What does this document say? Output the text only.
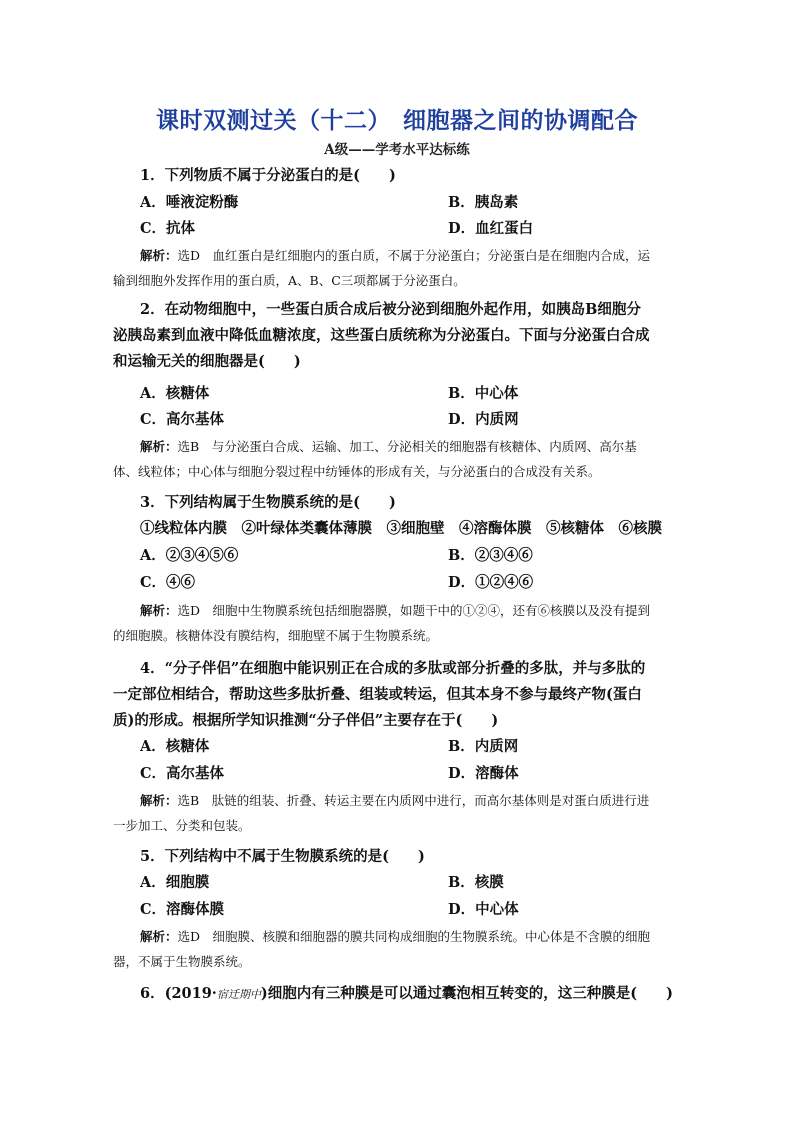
课时双测过关（十二）　细胞器之间的协调配合
A级——学考水平达标练
1．下列物质不属于分泌蛋白的是(　　)
A．唾液淀粉酶	B．胰岛素
C．抗体	D．血红蛋白
解析：选D　血红蛋白是红细胞内的蛋白质，不属于分泌蛋白；分泌蛋白是在细胞内合成，运输到细胞外发挥作用的蛋白质，A、B、C三项都属于分泌蛋白。
2．在动物细胞中，一些蛋白质合成后被分泌到细胞外起作用，如胰岛B细胞分泌胰岛素到血液中降低血糖浓度，这些蛋白质统称为分泌蛋白。下面与分泌蛋白合成和运输无关的细胞器是(　　)
A．核糖体	B．中心体
C．高尔基体	D．内质网
解析：选B　与分泌蛋白合成、运输、加工、分泌相关的细胞器有核糖体、内质网、高尔基体、线粒体；中心体与细胞分裂过程中纺锤体的形成有关，与分泌蛋白的合成没有关系。
3．下列结构属于生物膜系统的是(　　)
①线粒体内膜　②叶绿体类囊体薄膜　③细胞壁　④溶酶体膜　⑤核糖体　⑥核膜
A．②③④⑤⑥	B．②③④⑥
C．④⑥	D．①②④⑥
解析：选D　细胞中生物膜系统包括细胞器膜，如题干中的①②④，还有⑥核膜以及没有提到的细胞膜。核糖体没有膜结构，细胞壁不属于生物膜系统。
4．“分子伴侣”在细胞中能识别正在合成的多肽或部分折叠的多肽，并与多肽的一定部位相结合，帮助这些多肽折叠、组装或转运，但其本身不参与最终产物(蛋白质)的形成。根据所学知识推测“分子伴侣”主要存在于(　　)
A．核糖体	B．内质网
C．高尔基体	D．溶酶体
解析：选B　肽链的组装、折叠、转运主要在内质网中进行，而高尔基体则是对蛋白质进行进一步加工、分类和包装。
5．下列结构中不属于生物膜系统的是(　　)
A．细胞膜	B．核膜
C．溶酶体膜	D．中心体
解析：选D　细胞膜、核膜和细胞器的膜共同构成细胞的生物膜系统。中心体是不含膜的细胞器，不属于生物膜系统。
6．(2019·宿迁期中)细胞内有三种膜是可以通过囊泡相互转变的，这三种膜是(　　)
